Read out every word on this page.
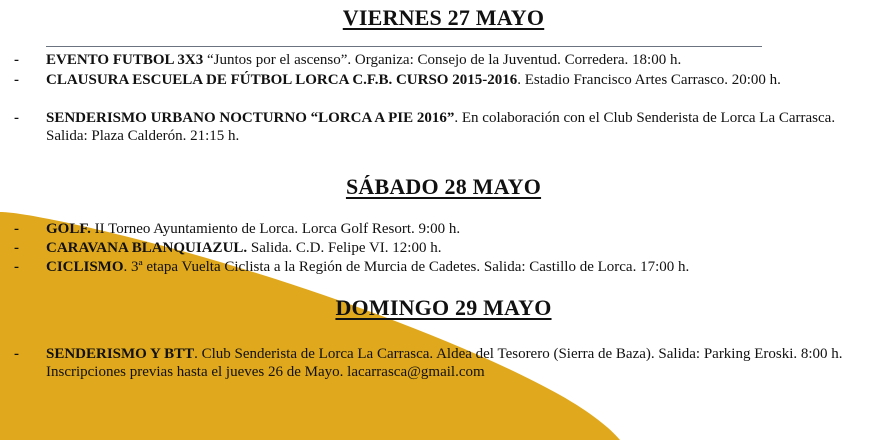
VIERNES 27 MAYO
- EVENTO FUTBOL 3X3 “Juntos por el ascenso”. Organiza: Consejo de la Juventud. Corredera. 18:00 h.
- CLAUSURA ESCUELA DE FÚTBOL LORCA C.F.B. CURSO 2015-2016. Estadio Francisco Artes Carrasco. 20:00 h.
- SENDERISMO URBANO NOCTURNO “LORCA A PIE 2016”. En colaboración con el Club Senderista de Lorca La Carrasca. Salida: Plaza Calderón. 21:15 h.
SÁBADO 28 MAYO
- GOLF. II Torneo Ayuntamiento de Lorca. Lorca Golf Resort. 9:00 h.
- CARAVANA BLANQUIAZUL. Salida. C.D. Felipe VI. 12:00 h.
- CICLISMO. 3ª etapa Vuelta Ciclista a la Región de Murcia de Cadetes. Salida: Castillo de Lorca. 17:00 h.
DOMINGO 29 MAYO
- SENDERISMO Y BTT. Club Senderista de Lorca La Carrasca. Aldea del Tesorero (Sierra de Baza). Salida: Parking Eroski. 8:00 h. Inscripciones previas hasta el jueves 26 de Mayo. lacarrasca@gmail.com
